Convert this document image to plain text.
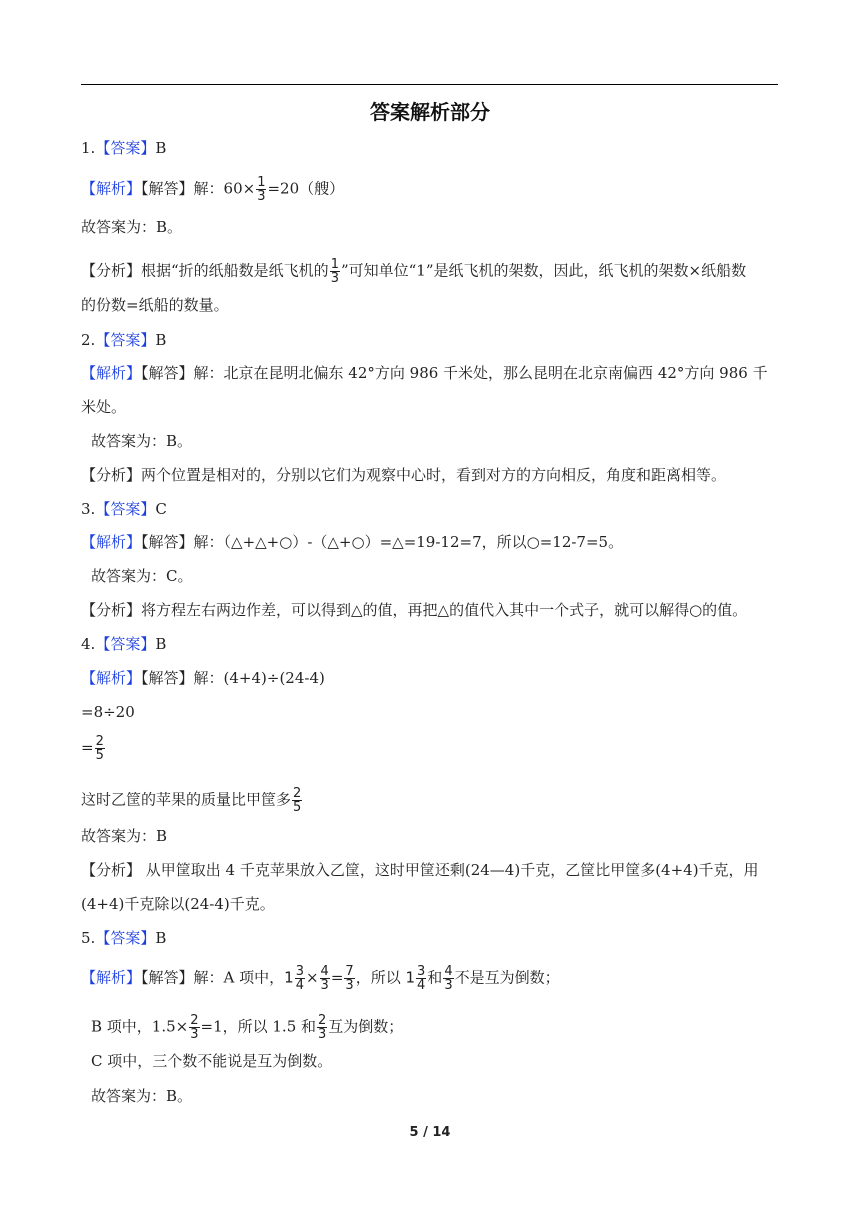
答案解析部分
1.【答案】B
【解析】【解答】解：$60\times \frac{1}{3} =20$（艘）
故答案为：B。
【分析】根据“折的纸船数是纸飞机的 $\frac{1}{3}$ ”可知单位“1”是纸飞机的架数，因此，纸飞机的架数×纸船数
的份数=纸船的数量。
2.【答案】B
【解析】【解答】解：北京在昆明北偏东 42°方向 986 千米处，那么昆明在北京南偏西 42°方向 986 千
米处。
故答案为：B。
【分析】两个位置是相对的，分别以它们为观察中心时，看到对方的方向相反，角度和距离相等。
3.【答案】C
【解析】【解答】解：（△+△+○）-（△+○）=△=19-12=7，所以○=12-7=5。
故答案为：C。
【分析】将方程左右两边作差，可以得到△的值，再把△的值代入其中一个式子，就可以解得○的值。
4.【答案】B
【解析】【解答】解：(4+4)÷(24-4)
=8÷20
= $\frac{2}{5}$
这时乙筐的苹果的质量比甲筐多 $\frac{2}{5}$
故答案为：B
【分析】 从甲筐取出 4 千克苹果放入乙筐，这时甲筐还剩(24—4)千克，乙筐比甲筐多(4+4)千克，用
(4+4)千克除以(24-4)千克。
5.【答案】B
【解析】【解答】解：A 项中，$1 \frac{3}{4} \times \frac{4}{3} = \frac{7}{3}$ ，所以 $1 \frac{3}{4}$ 和 $\frac{4}{3}$ 不是互为倒数；
B 项中，$1.5\times \frac{2}{3} =1$，所以 1.5 和 $\frac{2}{3}$ 互为倒数；
C 项中，三个数不能说是互为倒数。
故答案为：B。
5 / 14
